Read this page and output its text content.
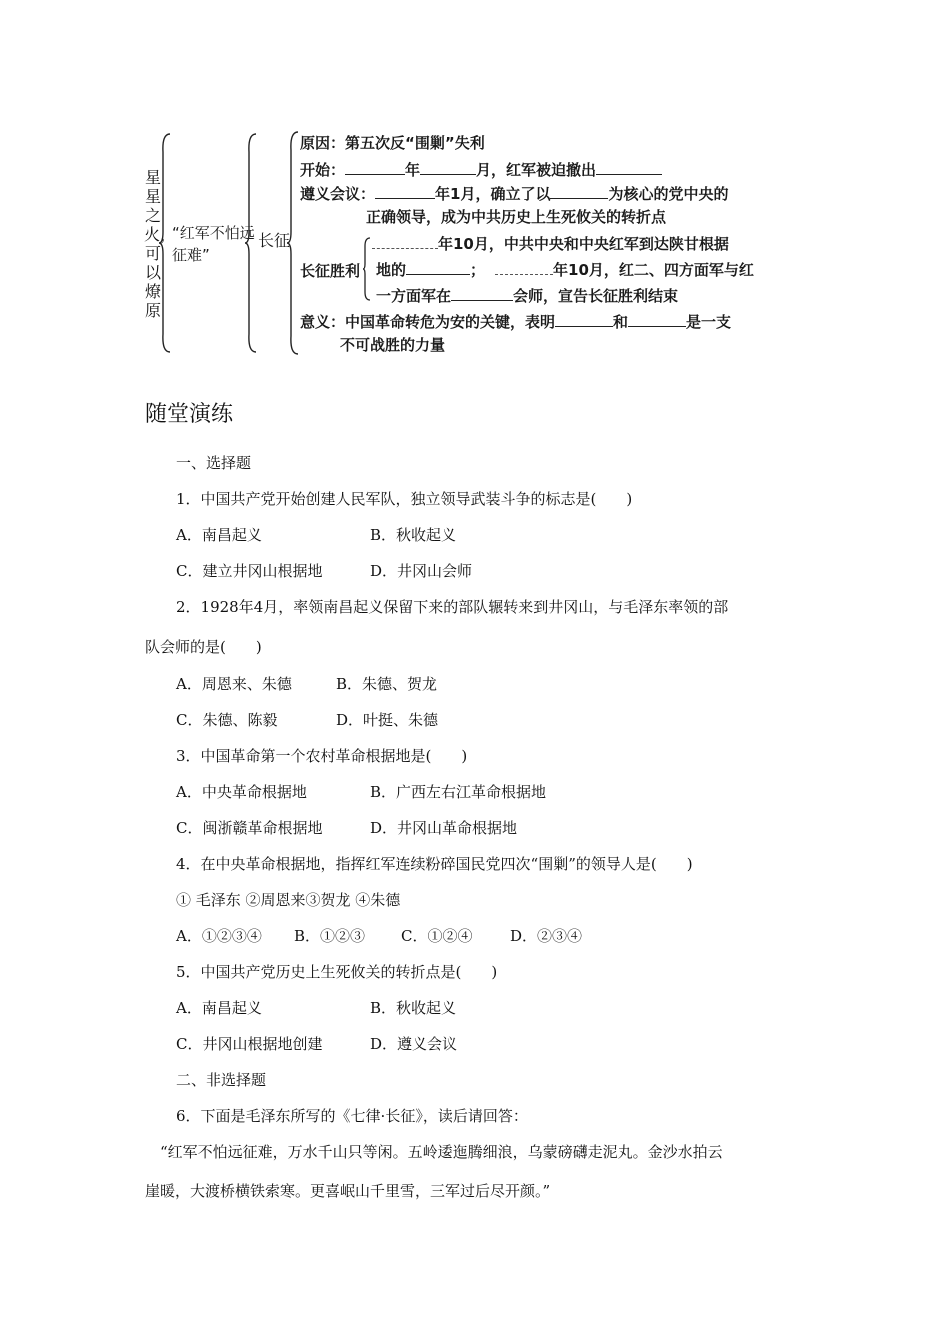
星星之火，可以燎原
“红军不怕远征难”
长征
原因：第五次反“围剿”失利
开始：	年	月，红军被迫撤出
遵义会议：	年1月，确立了以	为核心的党中央的
正确领导，成为中共历史上生死攸关的转折点
长征胜利
年10月，中共中央和中央红军到达陕甘根据
地的	；	年10月，红二、四方面军与红
一方面军在	会师，宣告长征胜利结束
意义：中国革命转危为安的关键，表明	和	是一支
不可战胜的力量
随堂演练
一、选择题
1．中国共产党开始创建人民军队，独立领导武装斗争的标志是(　　)
A．南昌起义	B．秋收起义
C．建立井冈山根据地	D．井冈山会师
2．1928年4月，率领南昌起义保留下来的部队辗转来到井冈山，与毛泽东率领的部
队会师的是(　　)
A．周恩来、朱德	B．朱德、贺龙
C．朱德、陈毅	D．叶挺、朱德
3．中国革命第一个农村革命根据地是(　　)
A．中央革命根据地	B．广西左右江革命根据地
C．闽浙赣革命根据地	D．井冈山革命根据地
4．在中央革命根据地，指挥红军连续粉碎国民党四次“围剿”的领导人是(　　)
① 毛泽东 ②周恩来③贺龙 ④朱德
A．①②③④ B．①②③ C．①②④	D．②③④
5．中国共产党历史上生死攸关的转折点是(　　)
A．南昌起义	B．秋收起义
C．井冈山根据地创建	D．遵义会议
二、非选择题
6．下面是毛泽东所写的《七律·长征》，读后请回答：
“红军不怕远征难，万水千山只等闲。五岭逶迤腾细浪，乌蒙磅礴走泥丸。金沙水拍云
崖暖，大渡桥横铁索寒。更喜岷山千里雪，三军过后尽开颜。”
